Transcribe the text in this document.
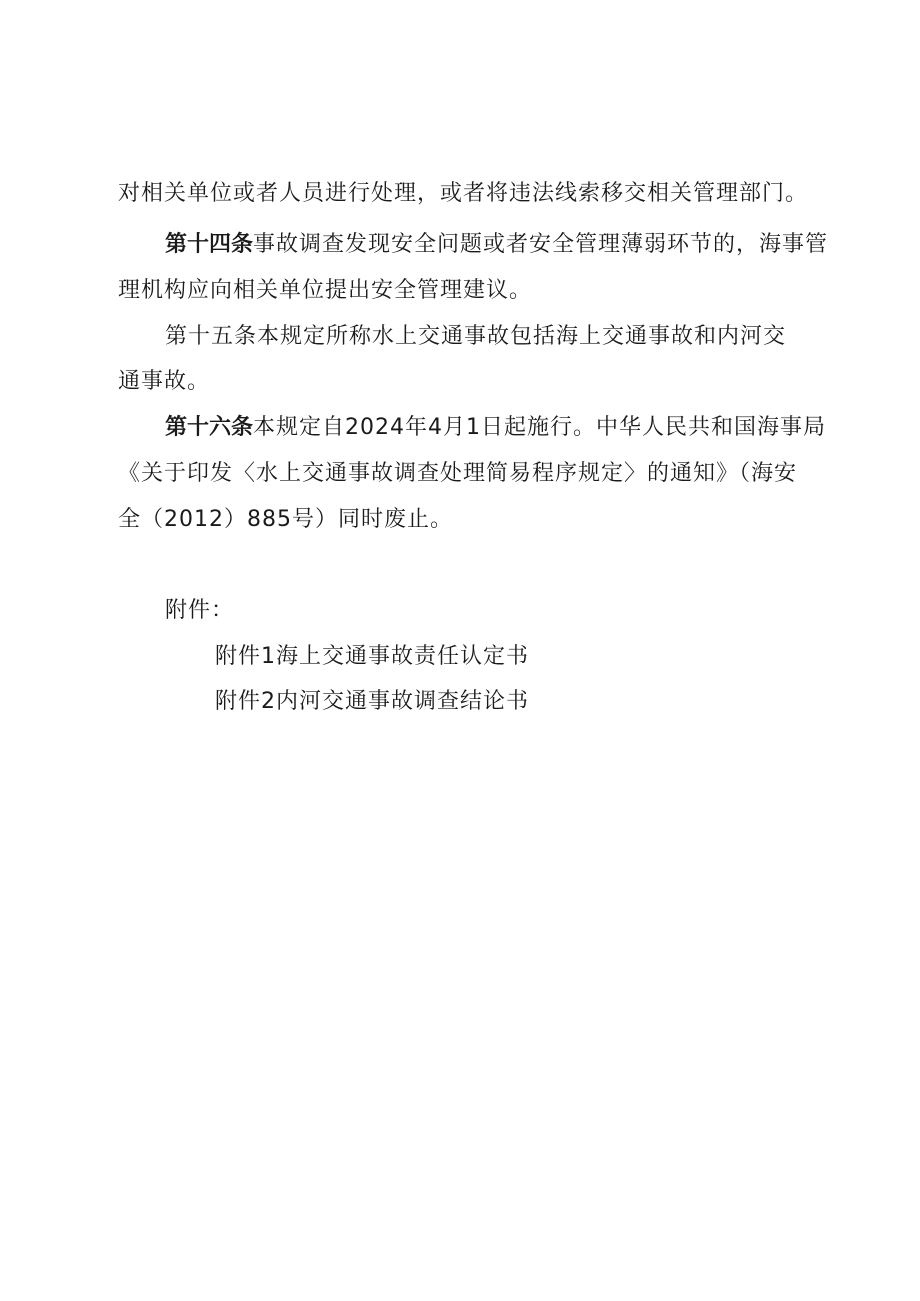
对相关单位或者人员进行处理，或者将违法线索移交相关管理部门。
第十四条事故调查发现安全问题或者安全管理薄弱环节的，海事管
理机构应向相关单位提出安全管理建议。
第十五条本规定所称水上交通事故包括海上交通事故和内河交
通事故。
第十六条本规定自2024年4月1日起施行。中华人民共和国海事局
《关于印发〈水上交通事故调查处理简易程序规定〉的通知》（海安
全（2012）885号）同时废止。
附件：
附件1海上交通事故责任认定书
附件2内河交通事故调查结论书
